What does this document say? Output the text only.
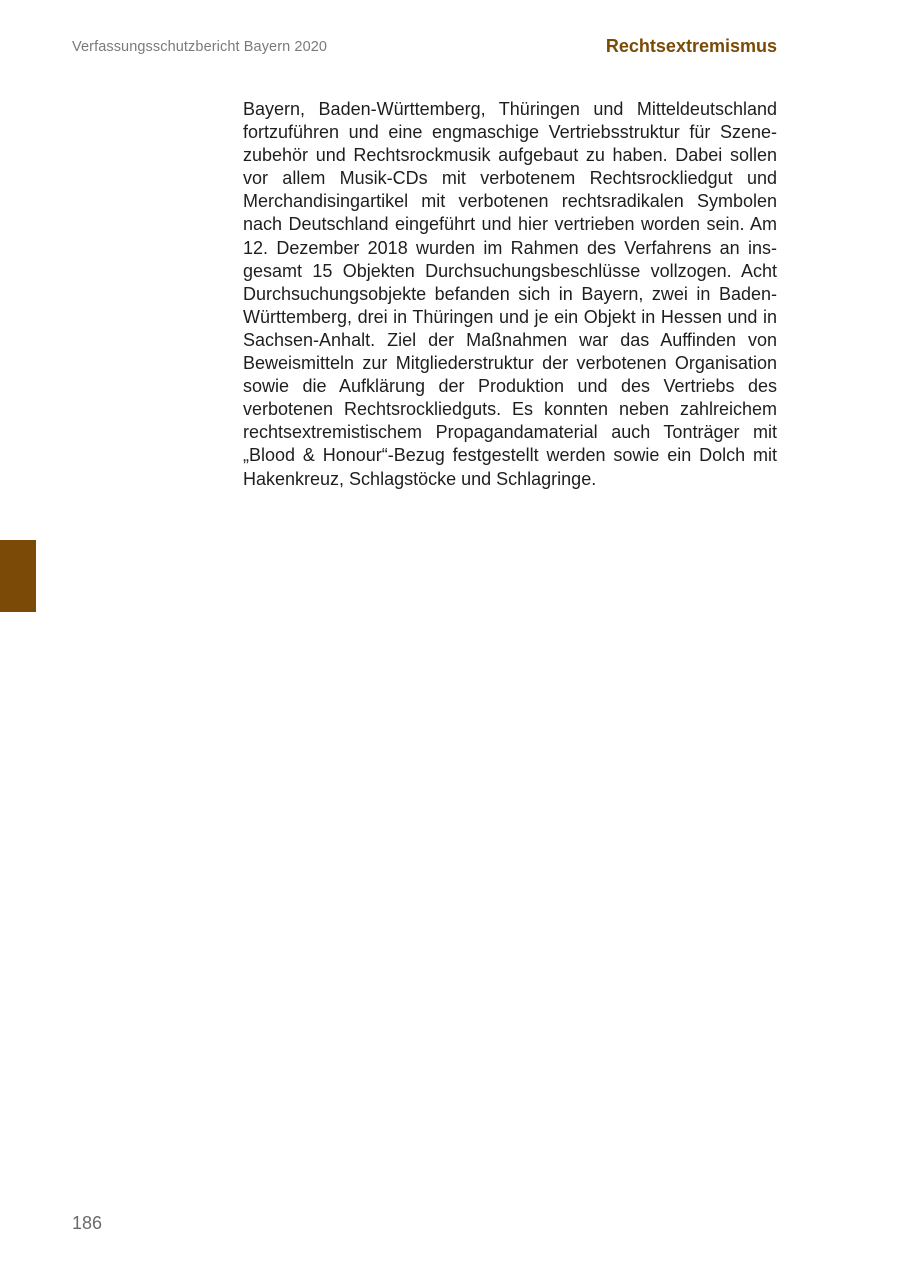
Verfassungsschutzbericht Bayern 2020	Rechtsextremismus

Bayern, Baden-Württemberg, Thüringen und Mitteldeutschland fortzuführen und eine engmaschige Vertriebsstruktur für Szenezubehör und Rechtsrockmusik aufgebaut zu haben. Dabei sollen vor allem Musik-CDs mit verbotenem Rechtsrockliedgut und Merchandisingartikel mit verbotenen rechtsradikalen Symbolen nach Deutschland eingeführt und hier vertrieben worden sein. Am 12. Dezember 2018 wurden im Rahmen des Verfahrens an insgesamt 15 Objekten Durchsuchungsbeschlüsse vollzogen. Acht Durchsuchungsobjekte befanden sich in Bayern, zwei in Baden-Württemberg, drei in Thüringen und je ein Objekt in Hessen und in Sachsen-Anhalt. Ziel der Maßnahmen war das Auffinden von Beweismitteln zur Mitgliederstruktur der verbotenen Organisation sowie die Aufklärung der Produktion und des Vertriebs des verbotenen Rechtsrockliedguts. Es konnten neben zahlreichem rechtsextremistischem Propagandamaterial auch Tonträger mit „Blood & Honour“-Bezug festgestellt werden sowie ein Dolch mit Hakenkreuz, Schlagstöcke und Schlagringe.

186
